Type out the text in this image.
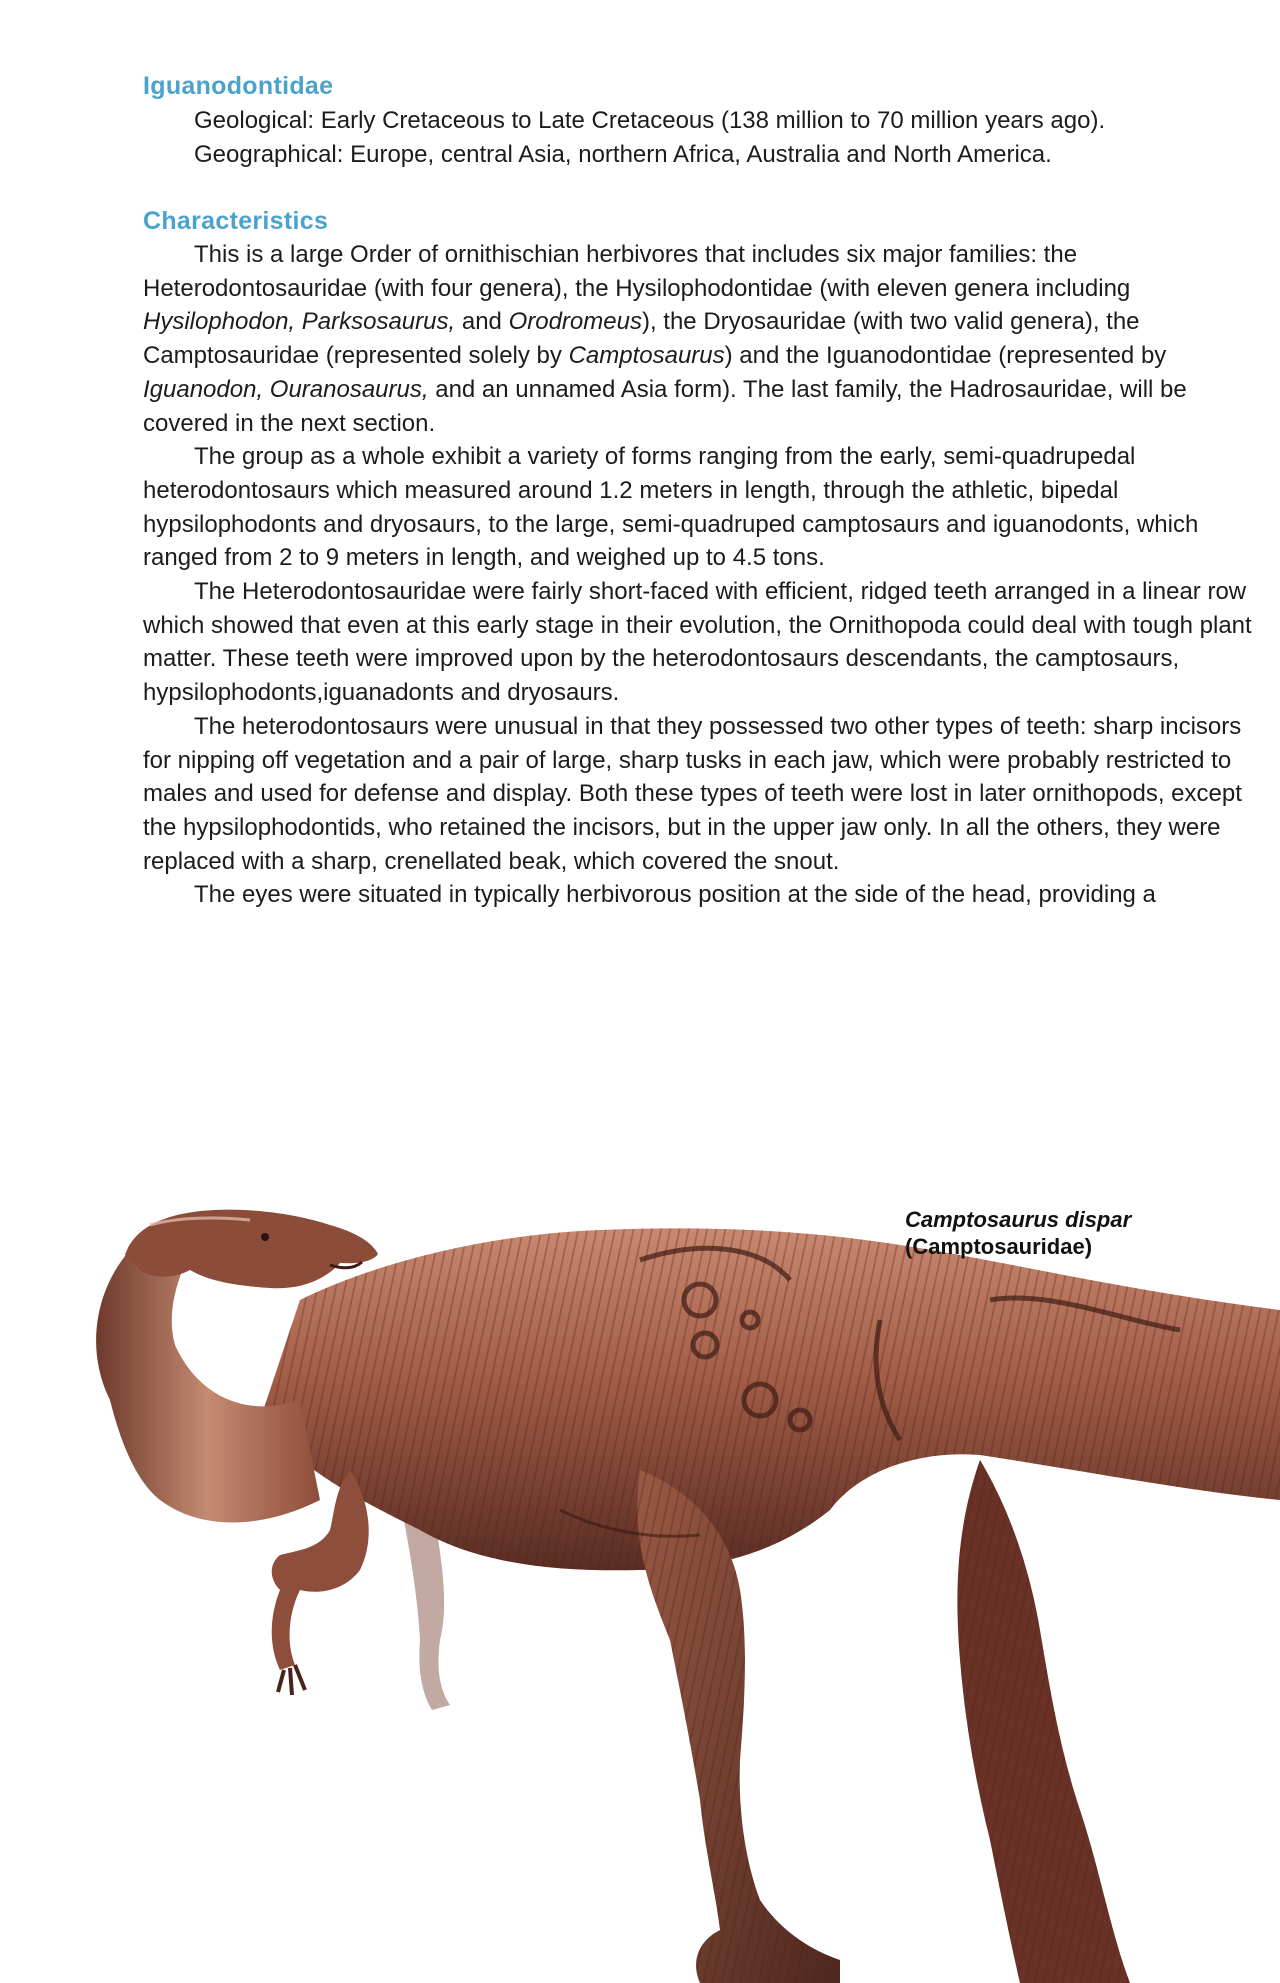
Iguanodontidae

Geological: Early Cretaceous to Late Cretaceous (138 million to 70 million years ago).

Geographical: Europe, central Asia, northern Africa, Australia and North America.

Characteristics

This is a large Order of ornithischian herbivores that includes six major families: the Heterodontosauridae (with four genera), the Hysilophodontidae (with eleven genera including Hysilophodon, Parksosaurus, and Orodromeus), the Dryosauridae (with two valid genera), the Camptosauridae (represented solely by Camptosaurus) and the Iguanodontidae (represented by Iguanodon, Ouranosaurus, and an unnamed Asia form). The last family, the Hadrosauridae, will be covered in the next section.

The group as a whole exhibit a variety of forms ranging from the early, semi-quadrupedal heterodontosaurs which measured around 1.2 meters in length, through the athletic, bipedal hypsilophodonts and dryosaurs, to the large, semi-quadruped camptosaurs and iguanodonts, which ranged from 2 to 9 meters in length, and weighed up to 4.5 tons.

The Heterodontosauridae were fairly short-faced with efficient, ridged teeth arranged in a linear row which showed that even at this early stage in their evolution, the Ornithopoda could deal with tough plant matter. These teeth were improved upon by the heterodontosaurs descendants, the camptosaurs, hypsilophodonts,iguanadonts and dryosaurs.

The heterodontosaurs were unusual in that they possessed two other types of teeth: sharp incisors for nipping off vegetation and a pair of large, sharp tusks in each jaw, which were probably restricted to males and used for defense and display. Both these types of teeth were lost in later ornithopods, except the hypsilophodontids, who retained the incisors, but in the upper jaw only. In all the others, they were replaced with a sharp, crenellated beak, which covered the snout.

The eyes were situated in typically herbivorous position at the side of the head, providing a

Camptosaurus dispar
(Camptosauridae)
